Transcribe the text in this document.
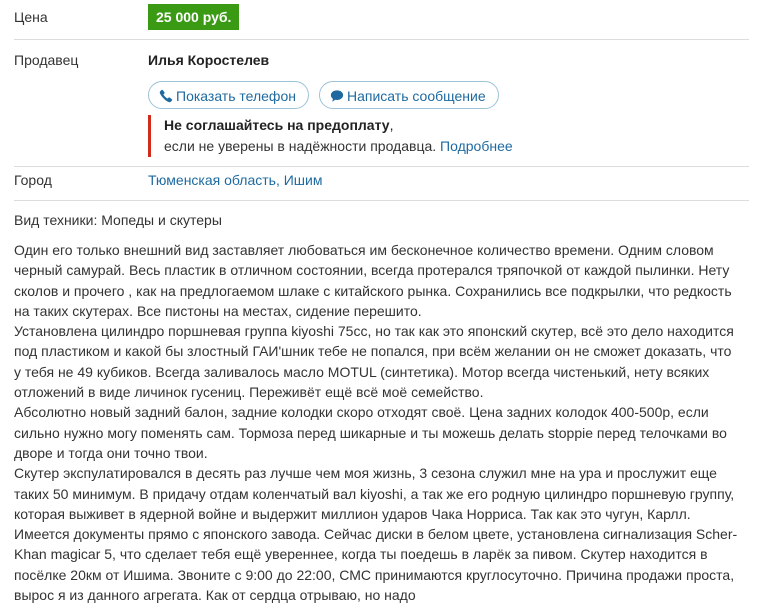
Цена	25 000 руб.
Продавец	Илья Коростелев
Показать телефон	Написать сообщение
Не соглашайтесь на предоплату,
если не уверены в надёжности продавца. Подробнее
Город	Тюменская область, Ишим
Вид техники: Мопеды и скутеры

Один его только внешний вид заставляет любоваться им бесконечное количество времени. Одним словом

черный самурай. Весь пластик в отличном состоянии, всегда протерался тряпочкой от каждой пылинки. Нету

сколов и прочего , как на предлогаемом шлаке с китайского рынка. Сохранились все подкрылки, что редкость

на таких скутерах. Все пистоны на местах, сидение перешито.

Установлена цилиндро поршневая группа kiyoshi 75cc, но так как это японский скутер, всё это дело находится

под пластиком и какой бы злостный ГАИ'шник тебе не попался, при всём желании он не сможет доказать, что

у тебя не 49 кубиков. Всегда заливалось масло MOTUL (синтетика). Мотор всегда чистенький, нету всяких

отложений в виде личинок гусениц. Переживёт ещё всё моё семейство.

Абсолютно новый задний балон, задние колодки скоро отходят своё. Цена задних колодок 400-500р, если

сильно нужно могу поменять сам. Тормоза перед шикарные и ты можешь делать stoppie перед телочками во

дворе и тогда они точно твои.

Скутер экспулатировался в десять раз лучше чем моя жизнь, 3 сезона служил мне на ура и прослужит еще

таких 50 минимум. В придачу отдам коленчатый вал kiyoshi, а так же его родную цилиндро поршневую группу,

которая выживет в ядерной войне и выдержит миллион ударов Чака Норриса. Так как это чугун, Карлл.

Имеется документы прямо с японского завода. Сейчас диски в белом цвете, установлена сигнализация Scher-

Khan magicar 5, что сделает тебя ещё увереннее, когда ты поедешь в ларёк за пивом. Скутер находится в

посёлке 20км от Ишима. Звоните с 9:00 до 22:00, СМС принимаются круглосуточно. Причина продажи проста,

вырос я из данного агрегата. Как от сердца отрываю, но надо
